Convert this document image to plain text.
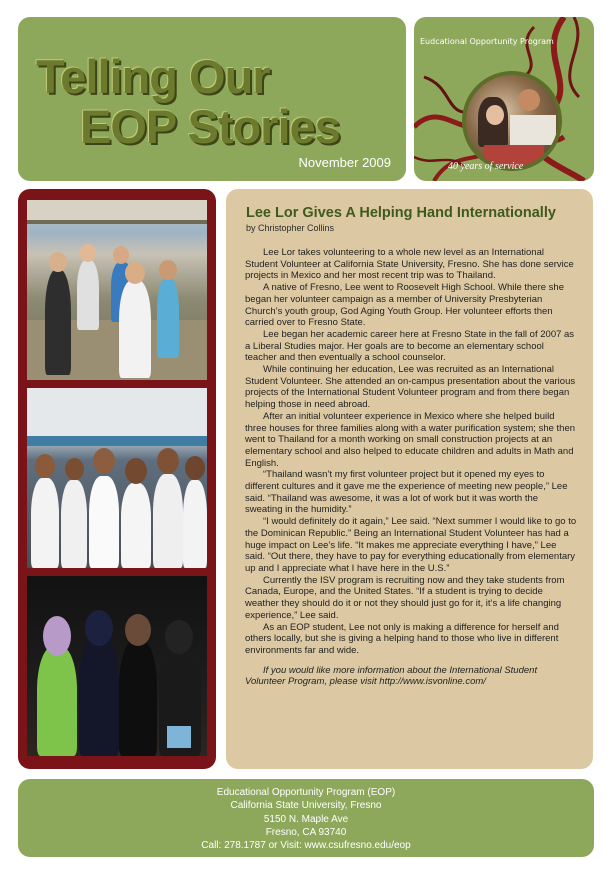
Telling Our
EOP Stories
November 2009
Eudcational Opportunity Program
40 years of service
Lee Lor Gives A Helping Hand Internationally
by Christopher Collins

Lee Lor takes volunteering to a whole new level as an International Student Volunteer at California State University, Fresno. She has done service projects in Mexico and her most recent trip was to Thailand.

A native of Fresno, Lee went to Roosevelt High School. While there she began her volunteer campaign as a member of University Presbyterian Church’s youth group, God Aging Youth Group. Her volunteer efforts then carried over to Fresno State.

Lee began her academic career here at Fresno State in the fall of 2007 as a Liberal Studies major. Her goals are to become an elementary school teacher and then eventually a school counselor.

While continuing her education, Lee was recruited as an International Student Volunteer. She attended an on-campus presentation about the various projects of the International Student Volunteer program and from there began helping those in need abroad.

After an initial volunteer experience in Mexico where she helped build three houses for three families along with a water purification system; she then went to Thailand for a month working on small construction projects at an elementary school and also helped to educate children and adults in Math and English.

“Thailand wasn’t my first volunteer project but it opened my eyes to different cultures and it gave me the experience of meeting new people,” Lee said. “Thailand was awesome, it was a lot of work but it was worth the sweating in the humidity.”

“I would definitely do it again,” Lee said. “Next summer I would like to go to the Dominican Republic.” Being an International Student Volunteer has had a huge impact on Lee’s life. “It makes me appreciate everything I have,” Lee said. “Out there, they have to pay for everything educationally from elementary up and I appreciate what I have here in the U.S.”

Currently the ISV program is recruiting now and they take students from Canada, Europe, and the United States. “If a student is trying to decide weather they should do it or not they should just go for it, it’s a life changing experience,” Lee said.

As an EOP student, Lee not only is making a difference for herself and others locally, but she is giving a helping hand to those who live in different environments far and wide.

If you would like more information about the International Student Volunteer Program, please visit http://www.isvonline.com/

Educational Opportunity Program (EOP)
California State University, Fresno
5150 N. Maple Ave
Fresno, CA 93740
Call: 278.1787 or Visit: www.csufresno.edu/eop
